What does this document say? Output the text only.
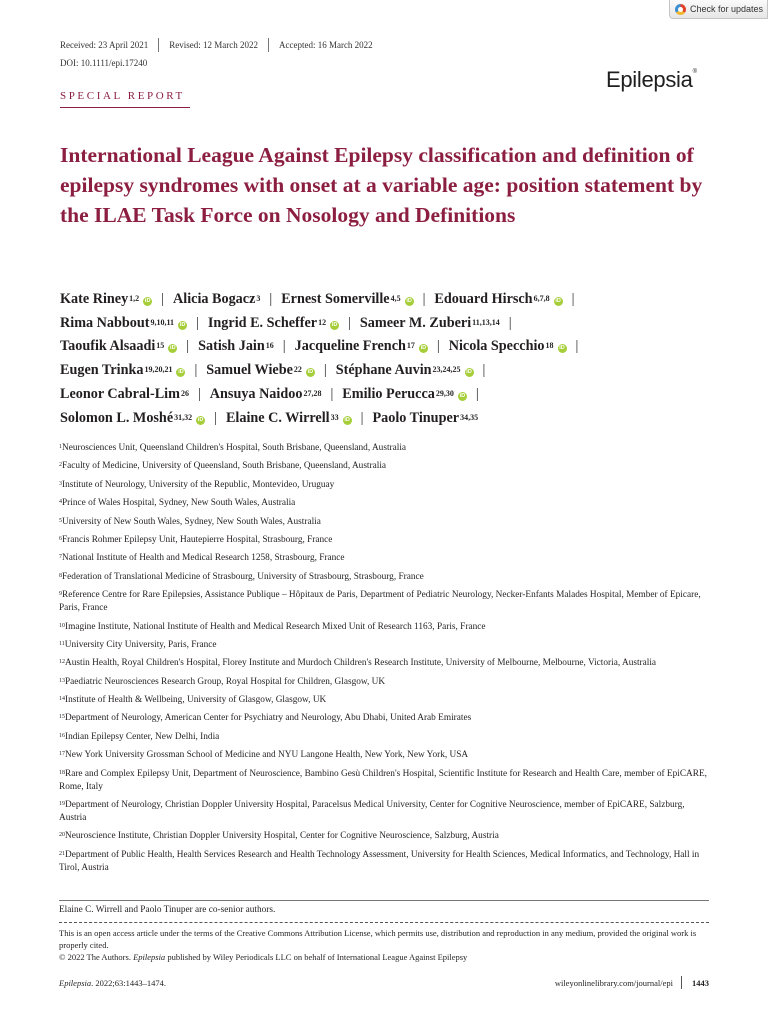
Check for updates
Received: 23 April 2021 Revised: 12 March 2022 Accepted: 16 March 2022
DOI: 10.1111/epi.17240
Epilepsia®
SPECIAL REPORT
International League Against Epilepsy classification and definition of epilepsy syndromes with onset at a variable age: position statement by the ILAE Task Force on Nosology and Definitions
Kate Riney$^{1,2}$ iD | Alicia Bogacz$^3$ | Ernest Somerville$^{4,5}$ iD | Edouard Hirsch$^{6,7,8}$ iD |
Rima Nabbout$^{9,10,11}$ iD | Ingrid E. Scheffer$^{12}$ iD | Sameer M. Zuberi$^{11,13,14}$ |
Taoufik Alsaadi$^{15}$ iD | Satish Jain$^{16}$ | Jacqueline French$^{17}$ iD | Nicola Specchio$^{18}$ iD |
Eugen Trinka$^{19,20,21}$ iD | Samuel Wiebe$^{22}$ iD | Stéphane Auvin$^{23,24,25}$ iD |
Leonor Cabral-Lim$^{26}$ | Ansuya Naidoo$^{27,28}$ | Emilio Perucca$^{29,30}$ iD |
Solomon L. Moshé$^{31,32}$ iD | Elaine C. Wirrell$^{33}$ iD | Paolo Tinuper$^{34,35}$
$^1$Neurosciences Unit, Queensland Children's Hospital, South Brisbane, Queensland, Australia
$^2$Faculty of Medicine, University of Queensland, South Brisbane, Queensland, Australia
$^3$Institute of Neurology, University of the Republic, Montevideo, Uruguay
$^4$Prince of Wales Hospital, Sydney, New South Wales, Australia
$^5$University of New South Wales, Sydney, New South Wales, Australia
$^6$Francis Rohmer Epilepsy Unit, Hautepierre Hospital, Strasbourg, France
$^7$National Institute of Health and Medical Research 1258, Strasbourg, France
$^8$Federation of Translational Medicine of Strasbourg, University of Strasbourg, Strasbourg, France
$^9$Reference Centre for Rare Epilepsies, Assistance Publique – Hôpitaux de Paris, Department of Pediatric Neurology, Necker-Enfants Malades Hospital, Member of Epicare, Paris, France
$^{10}$Imagine Institute, National Institute of Health and Medical Research Mixed Unit of Research 1163, Paris, France
$^{11}$University City University, Paris, France
$^{12}$Austin Health, Royal Children's Hospital, Florey Institute and Murdoch Children's Research Institute, University of Melbourne, Melbourne, Victoria, Australia
$^{13}$Paediatric Neurosciences Research Group, Royal Hospital for Children, Glasgow, UK
$^{14}$Institute of Health & Wellbeing, University of Glasgow, Glasgow, UK
$^{15}$Department of Neurology, American Center for Psychiatry and Neurology, Abu Dhabi, United Arab Emirates
$^{16}$Indian Epilepsy Center, New Delhi, India
$^{17}$New York University Grossman School of Medicine and NYU Langone Health, New York, New York, USA
$^{18}$Rare and Complex Epilepsy Unit, Department of Neuroscience, Bambino Gesù Children's Hospital, Scientific Institute for Research and Health Care, member of EpiCARE, Rome, Italy
$^{19}$Department of Neurology, Christian Doppler University Hospital, Paracelsus Medical University, Center for Cognitive Neuroscience, member of EpiCARE, Salzburg, Austria
$^{20}$Neuroscience Institute, Christian Doppler University Hospital, Center for Cognitive Neuroscience, Salzburg, Austria
$^{21}$Department of Public Health, Health Services Research and Health Technology Assessment, University for Health Sciences, Medical Informatics, and Technology, Hall in Tirol, Austria
Elaine C. Wirrell and Paolo Tinuper are co-senior authors.
This is an open access article under the terms of the Creative Commons Attribution License, which permits use, distribution and reproduction in any medium, provided the original work is properly cited.
© 2022 The Authors. Epilepsia published by Wiley Periodicals LLC on behalf of International League Against Epilepsy
Epilepsia. 2022;63:1443–1474.	wileyonlinelibrary.com/journal/epi 1443
